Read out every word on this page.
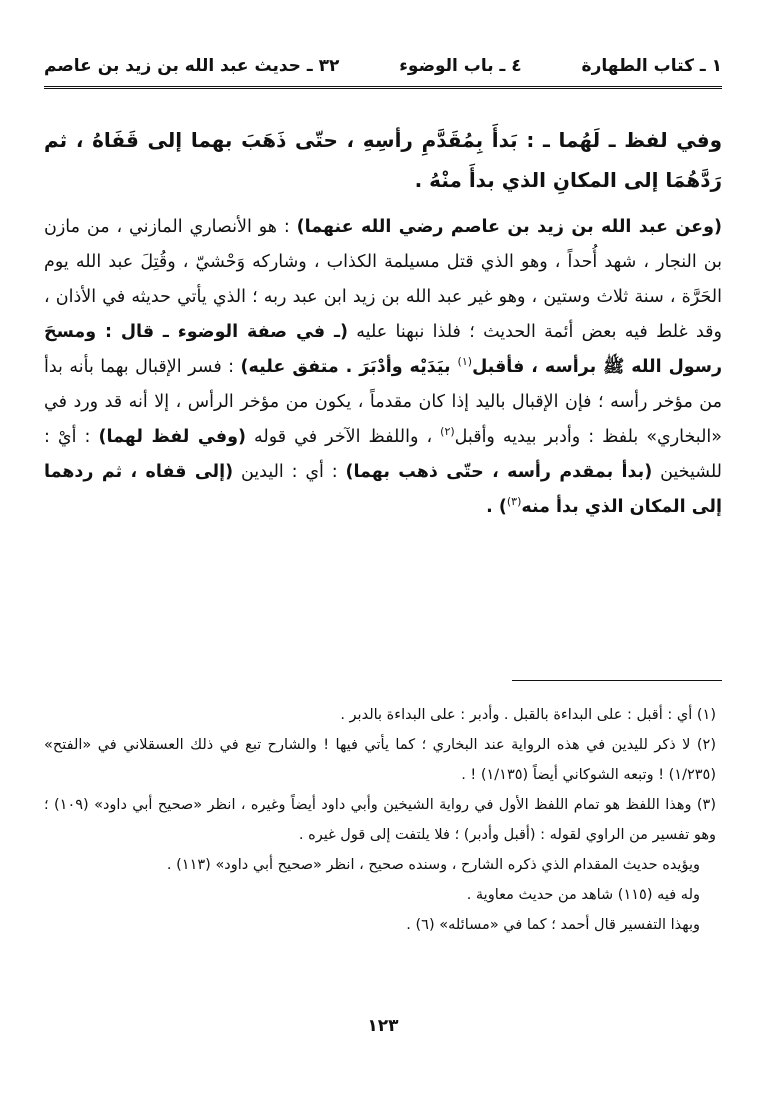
١ ـ كتاب الطهارة
٤ ـ باب الوضوء
٣٢ ـ حديث عبد الله بن زيد بن عاصم

وفي لفظ ـ لَهُما ـ : بَدأَ بِمُقَدَّمِ رأسِهِ ، حتّى ذَهَبَ بهما إلى قَفَاهُ ، ثم رَدَّهُمَا إلى المكانِ الذي بدأَ منْهُ .

(وعن عبد الله بن زيد بن عاصم رضي الله عنهما) : هو الأنصاري المازني ، من مازن بن النجار ، شهد أُحداً ، وهو الذي قتل مسيلمة الكذاب ، وشاركه وَحْشيّ ، وقُتِلَ عبد الله يوم الحَرَّة ، سنة ثلاث وستين ، وهو غير عبد الله بن زيد ابن عبد ربه ؛ الذي يأتي حديثه في الأذان ، وقد غلط فيه بعض أئمة الحديث ؛ فلذا نبهنا عليه (ـ في صفة الوضوء ـ قال : ومسحَ رسول الله ﷺ برأسه ، فأقبل$^{(١)}$ بيَدَيْه وأدْبَرَ . متفق عليه) : فسر الإقبال بهما بأنه بدأ من مؤخر رأسه ؛ فإن الإقبال باليد إذا كان مقدماً ، يكون من مؤخر الرأس ، إلا أنه قد ورد في «البخاري» بلفظ : وأدبر بيديه وأقبل$^{(٢)}$ ، واللفظ الآخر في قوله (وفي لفظ لهما) : أيْ : للشيخين (بدأ بمقدم رأسه ، حتّى ذهب بهما) : أي : اليدين (إلى قفاه ، ثم ردهما إلى المكان الذي بدأ منه$^{(٣)}$) .

(١) أي : أقبل : على البداءة بالقبل . وأدبر : على البداءة بالدبر .

(٢) لا ذكر لليدين في هذه الرواية عند البخاري ؛ كما يأتي فيها ! والشارح تبع في ذلك العسقلاني في «الفتح» (١/٢٣٥) ! وتبعه الشوكاني أيضاً (١/١٣٥) ! .

(٣) وهذا اللفظ هو تمام اللفظ الأول في رواية الشيخين وأبي داود أيضاً وغيره ، انظر «صحيح أبي داود» (١٠٩) ؛ وهو تفسير من الراوي لقوله : (أقبل وأدبر) ؛ فلا يلتفت إلى قول غيره .

ويؤيده حديث المقدام الذي ذكره الشارح ، وسنده صحيح ، انظر «صحيح أبي داود» (١١٣) .

وله فيه (١١٥) شاهد من حديث معاوية .

وبهذا التفسير قال أحمد ؛ كما في «مسائله» (٦) .

١٢٣
